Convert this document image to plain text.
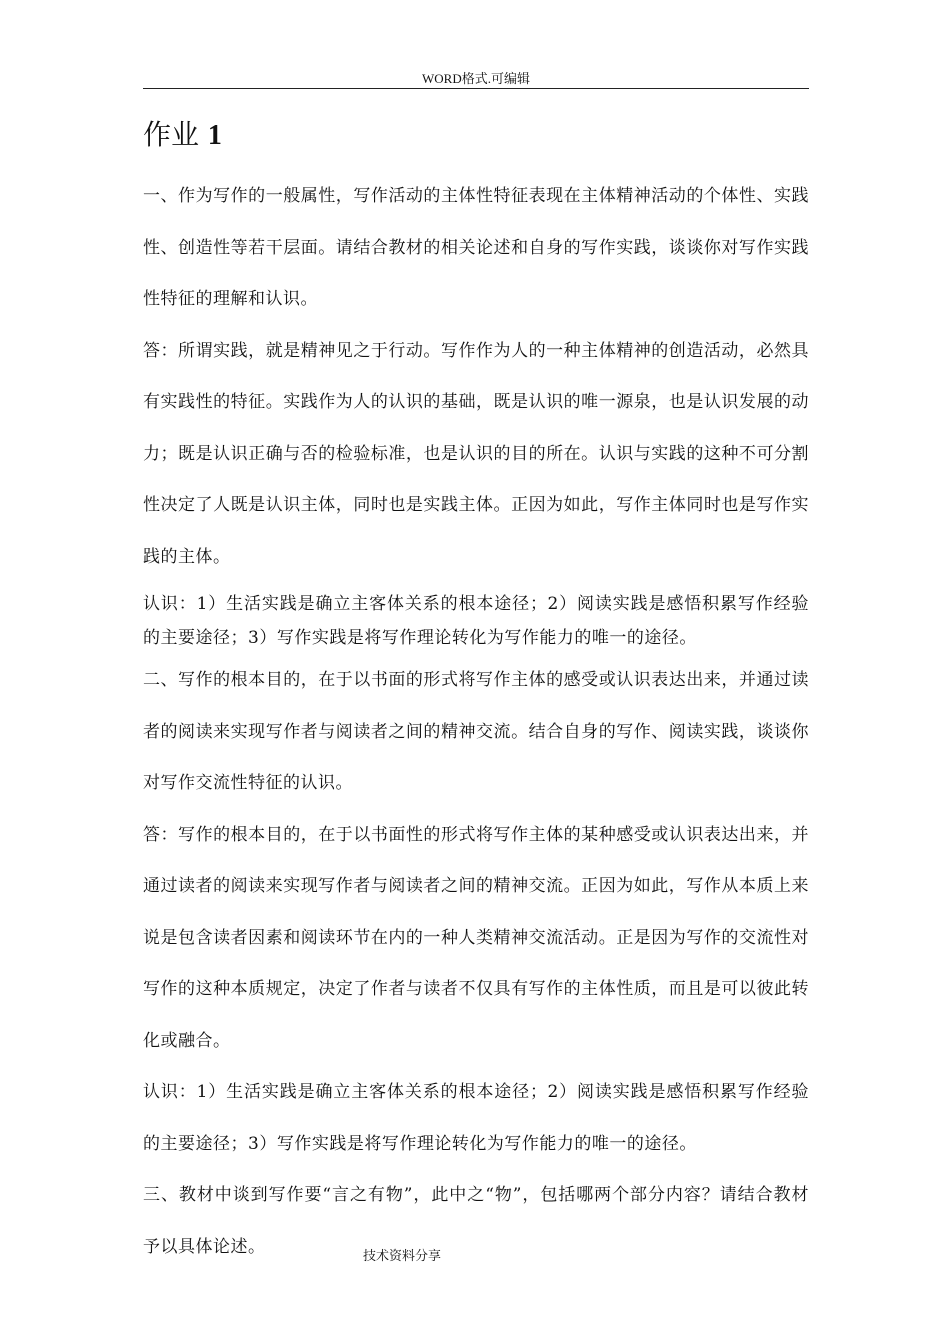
WORD格式.可编辑
作业 1

一、作为写作的一般属性，写作活动的主体性特征表现在主体精神活动的个体性、实践性、创造性等若干层面。请结合教材的相关论述和自身的写作实践，谈谈你对写作实践性特征的理解和认识。

答：所谓实践，就是精神见之于行动。写作作为人的一种主体精神的创造活动，必然具有实践性的特征。实践作为人的认识的基础，既是认识的唯一源泉，也是认识发展的动力；既是认识正确与否的检验标准，也是认识的目的所在。认识与实践的这种不可分割性决定了人既是认识主体，同时也是实践主体。正因为如此，写作主体同时也是写作实践的主体。

认识：1）生活实践是确立主客体关系的根本途径；2）阅读实践是感悟积累写作经验的主要途径；3）写作实践是将写作理论转化为写作能力的唯一的途径。

二、写作的根本目的，在于以书面的形式将写作主体的感受或认识表达出来，并通过读者的阅读来实现写作者与阅读者之间的精神交流。结合自身的写作、阅读实践，谈谈你对写作交流性特征的认识。

答：写作的根本目的，在于以书面性的形式将写作主体的某种感受或认识表达出来，并通过读者的阅读来实现写作者与阅读者之间的精神交流。正因为如此，写作从本质上来说是包含读者因素和阅读环节在内的一种人类精神交流活动。正是因为写作的交流性对写作的这种本质规定，决定了作者与读者不仅具有写作的主体性质，而且是可以彼此转化或融合。

认识：1）生活实践是确立主客体关系的根本途径；2）阅读实践是感悟积累写作经验的主要途径；3）写作实践是将写作理论转化为写作能力的唯一的途径。

三、教材中谈到写作要“言之有物”，此中之“物”，包括哪两个部分内容？请结合教材予以具体论述。	技术资料分享
